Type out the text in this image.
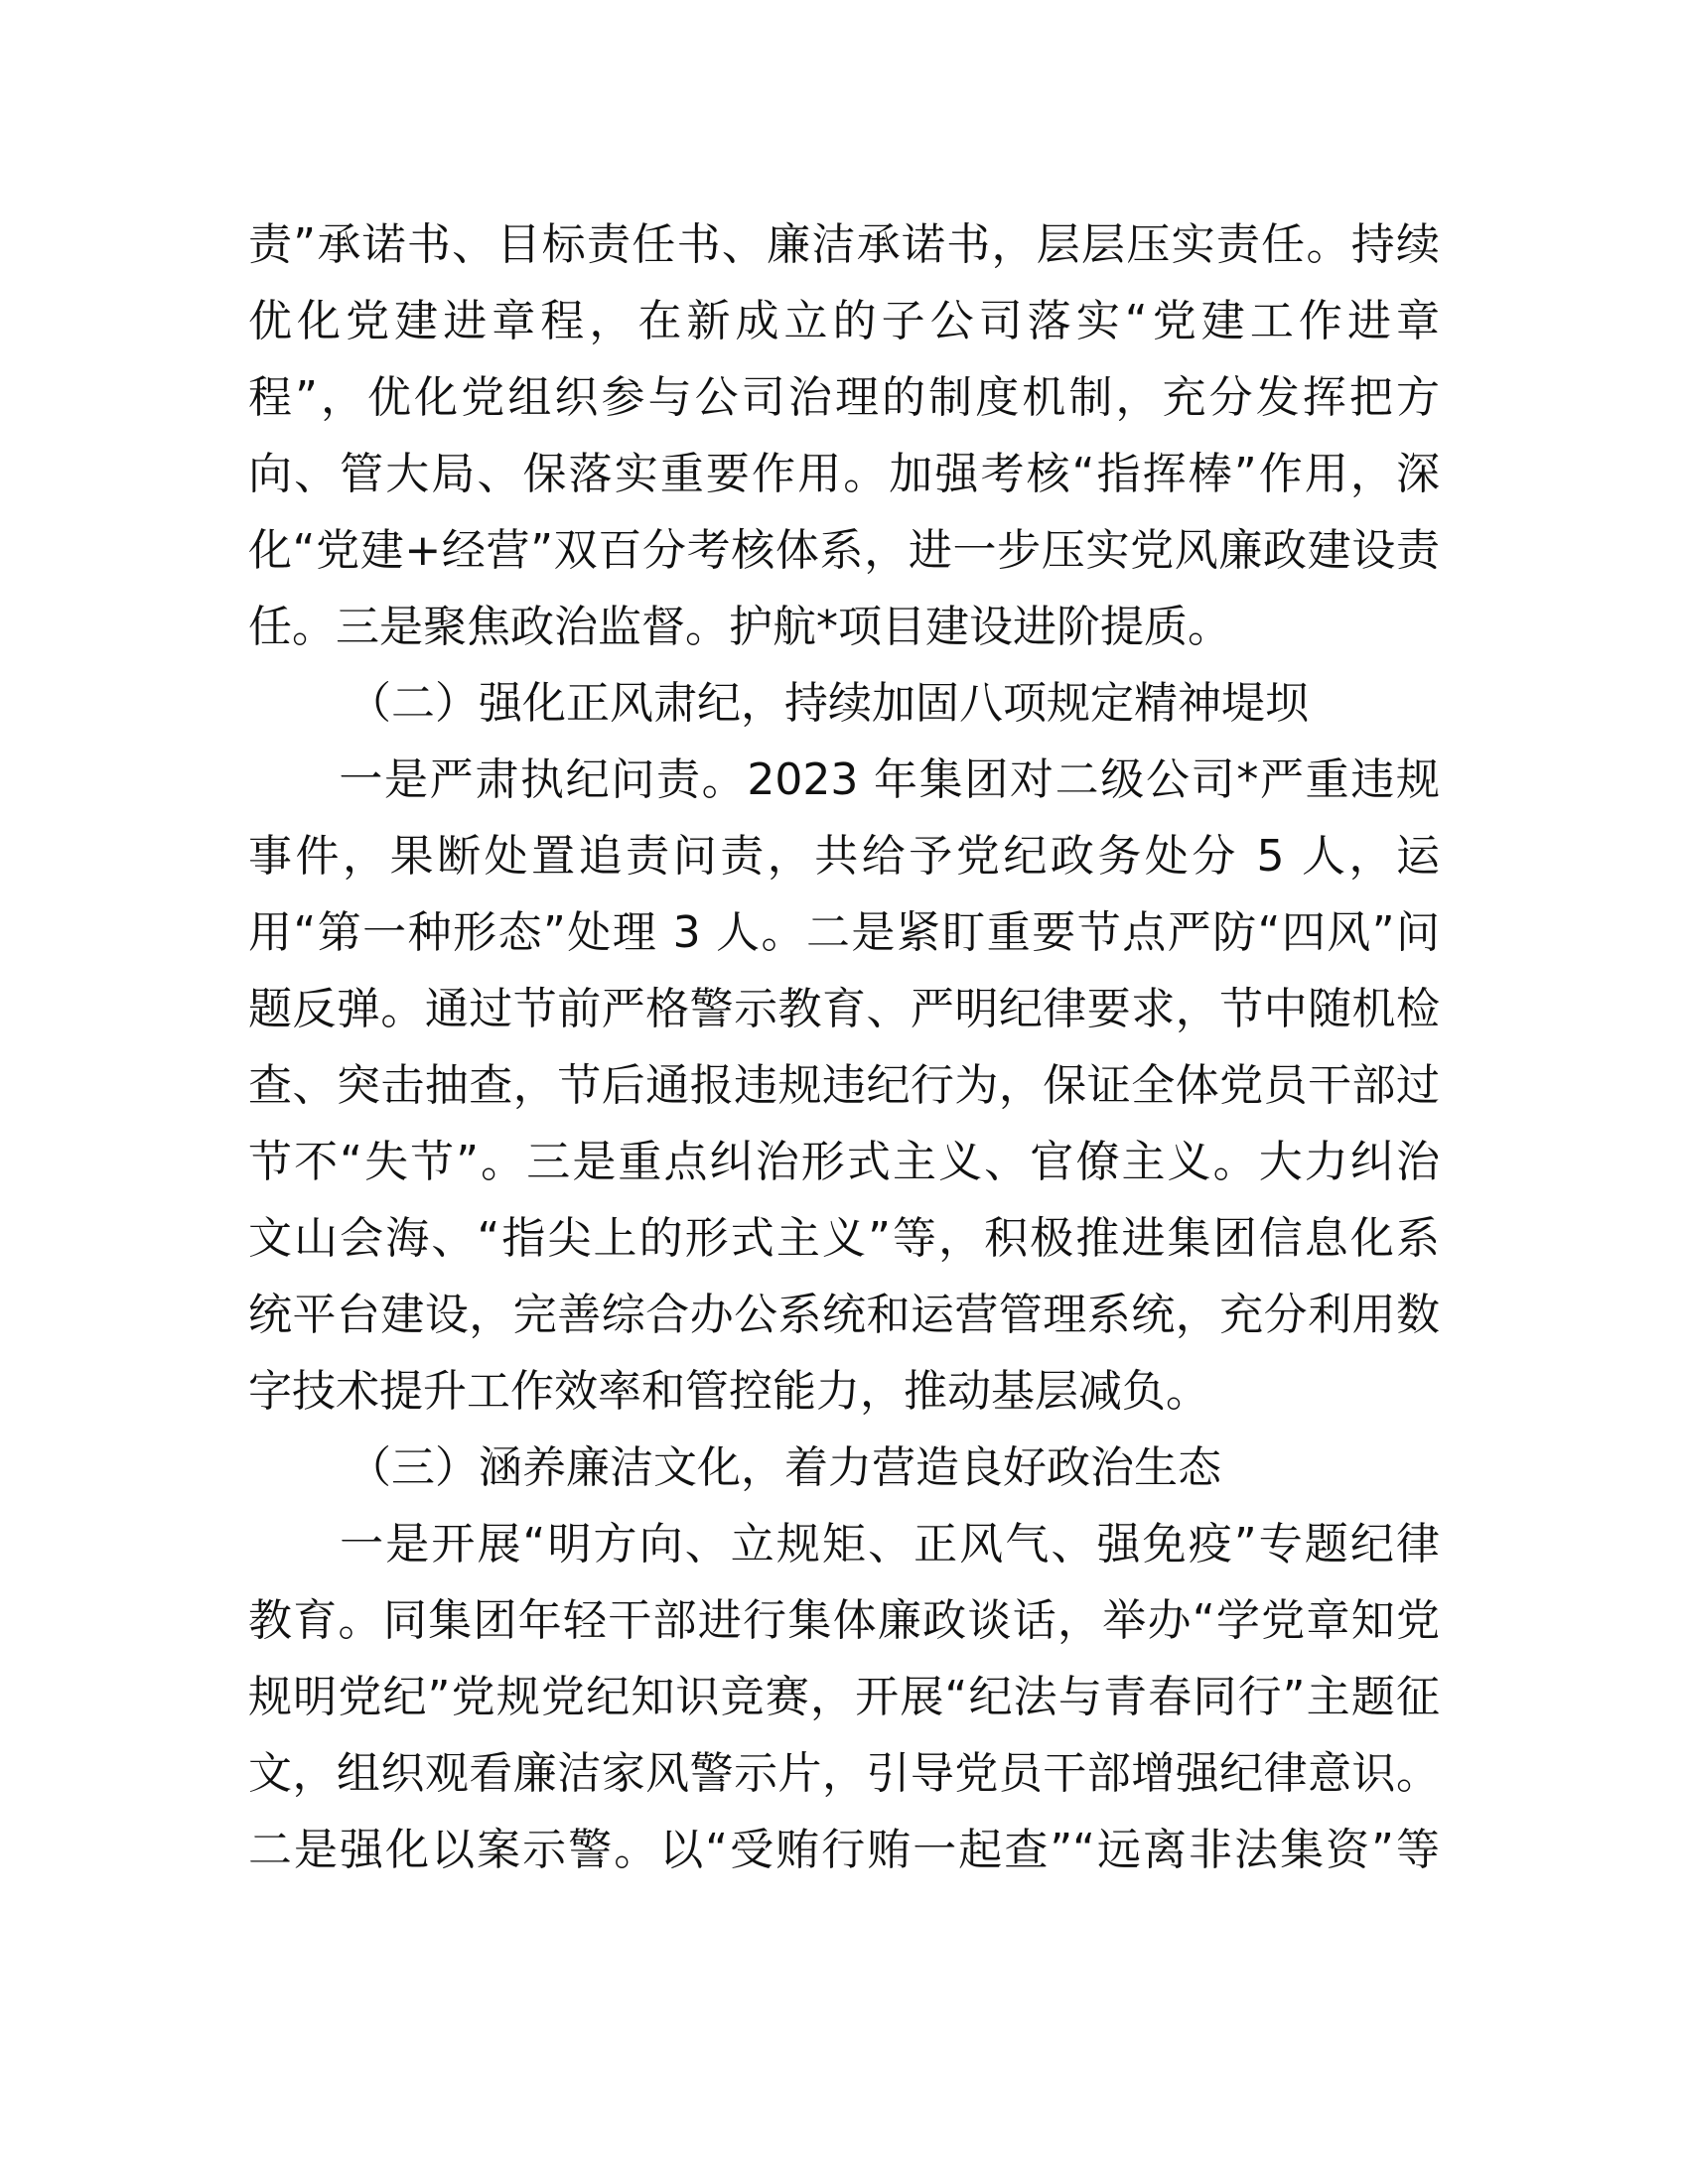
责”承诺书、目标责任书、廉洁承诺书，层层压实责任。持续
优化党建进章程，在新成立的子公司落实“党建工作进章
程”，优化党组织参与公司治理的制度机制，充分发挥把方
向、管大局、保落实重要作用。加强考核“指挥棒”作用，深
化“党建+经营”双百分考核体系，进一步压实党风廉政建设责
任。三是聚焦政治监督。护航*项目建设进阶提质。
（二）强化正风肃纪，持续加固八项规定精神堤坝
　　一是严肃执纪问责。2023 年集团对二级公司*严重违规
事件，果断处置追责问责，共给予党纪政务处分 5 人，运
用“第一种形态”处理 3 人。二是紧盯重要节点严防“四风”问
题反弹。通过节前严格警示教育、严明纪律要求，节中随机检
查、突击抽查，节后通报违规违纪行为，保证全体党员干部过
节不“失节”。三是重点纠治形式主义、官僚主义。大力纠治
文山会海、“指尖上的形式主义”等，积极推进集团信息化系
统平台建设，完善综合办公系统和运营管理系统，充分利用数
字技术提升工作效率和管控能力，推动基层减负。
（三）涵养廉洁文化，着力营造良好政治生态
　　一是开展“明方向、立规矩、正风气、强免疫”专题纪律
教育。同集团年轻干部进行集体廉政谈话，举办“学党章知党
规明党纪”党规党纪知识竞赛，开展“纪法与青春同行”主题征
文，组织观看廉洁家风警示片，引导党员干部增强纪律意识。
二是强化以案示警。以“受贿行贿一起查”“远离非法集资”等
